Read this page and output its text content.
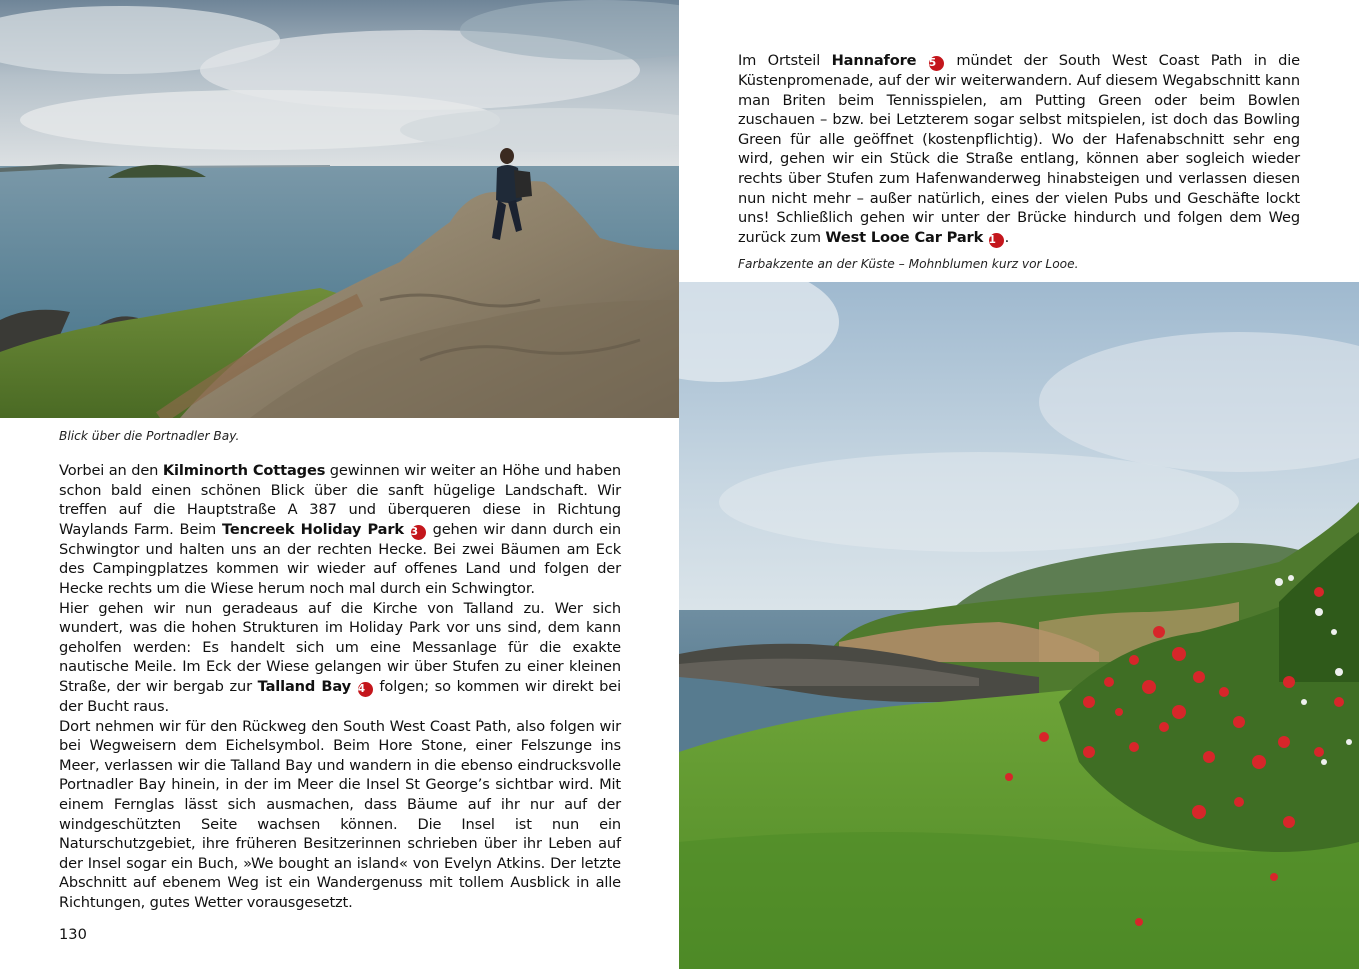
Blick über die Portnadler Bay.

Vorbei an den Kilminorth Cottages gewinnen wir weiter an Höhe und haben schon bald einen schönen Blick über die sanft hügelige Landschaft. Wir treffen auf die Hauptstraße A 387 und überqueren diese in Richtung Waylands Farm. Beim Tencreek Holiday Park 3 gehen wir dann durch ein Schwingtor und halten uns an der rechten Hecke. Bei zwei Bäumen am Eck des Campingplatzes kommen wir wieder auf offenes Land und folgen der Hecke rechts um die Wiese herum noch mal durch ein Schwingtor.

Hier gehen wir nun geradeaus auf die Kirche von Talland zu. Wer sich wundert, was die hohen Strukturen im Holiday Park vor uns sind, dem kann geholfen werden: Es handelt sich um eine Messanlage für die exakte nautische Meile. Im Eck der Wiese gelangen wir über Stufen zu einer kleinen Straße, der wir bergab zur Talland Bay 4 folgen; so kommen wir direkt bei der Bucht raus.

Dort nehmen wir für den Rückweg den South West Coast Path, also folgen wir bei Wegweisern dem Eichelsymbol. Beim Hore Stone, einer Felszunge ins Meer, verlassen wir die Talland Bay und wandern in die ebenso eindrucksvolle Portnadler Bay hinein, in der im Meer die Insel St George’s sichtbar wird. Mit einem Fernglas lässt sich ausmachen, dass Bäume auf ihr nur auf der windgeschützten Seite wachsen können. Die Insel ist nun ein Naturschutzgebiet, ihre früheren Besitzerinnen schrieben über ihr Leben auf der Insel sogar ein Buch, »We bought an island« von Evelyn Atkins. Der letzte Abschnitt auf ebenem Weg ist ein Wandergenuss mit tollem Ausblick in alle Richtungen, gutes Wetter vorausgesetzt.

130

Im Ortsteil Hannafore 5 mündet der South West Coast Path in die Küstenpromenade, auf der wir weiterwandern. Auf diesem Wegabschnitt kann man Briten beim Tennisspielen, am Putting Green oder beim Bowlen zuschauen – bzw. bei Letzterem sogar selbst mitspielen, ist doch das Bowling Green für alle geöffnet (kostenpflichtig). Wo der Hafenabschnitt sehr eng wird, gehen wir ein Stück die Straße entlang, können aber sogleich wieder rechts über Stufen zum Hafenwanderweg hinabsteigen und verlassen diesen nun nicht mehr – außer natürlich, eines der vielen Pubs und Geschäfte lockt uns! Schließlich gehen wir unter der Brücke hindurch und folgen dem Weg zurück zum West Looe Car Park 1 .

Farbakzente an der Küste – Mohnblumen kurz vor Looe.
